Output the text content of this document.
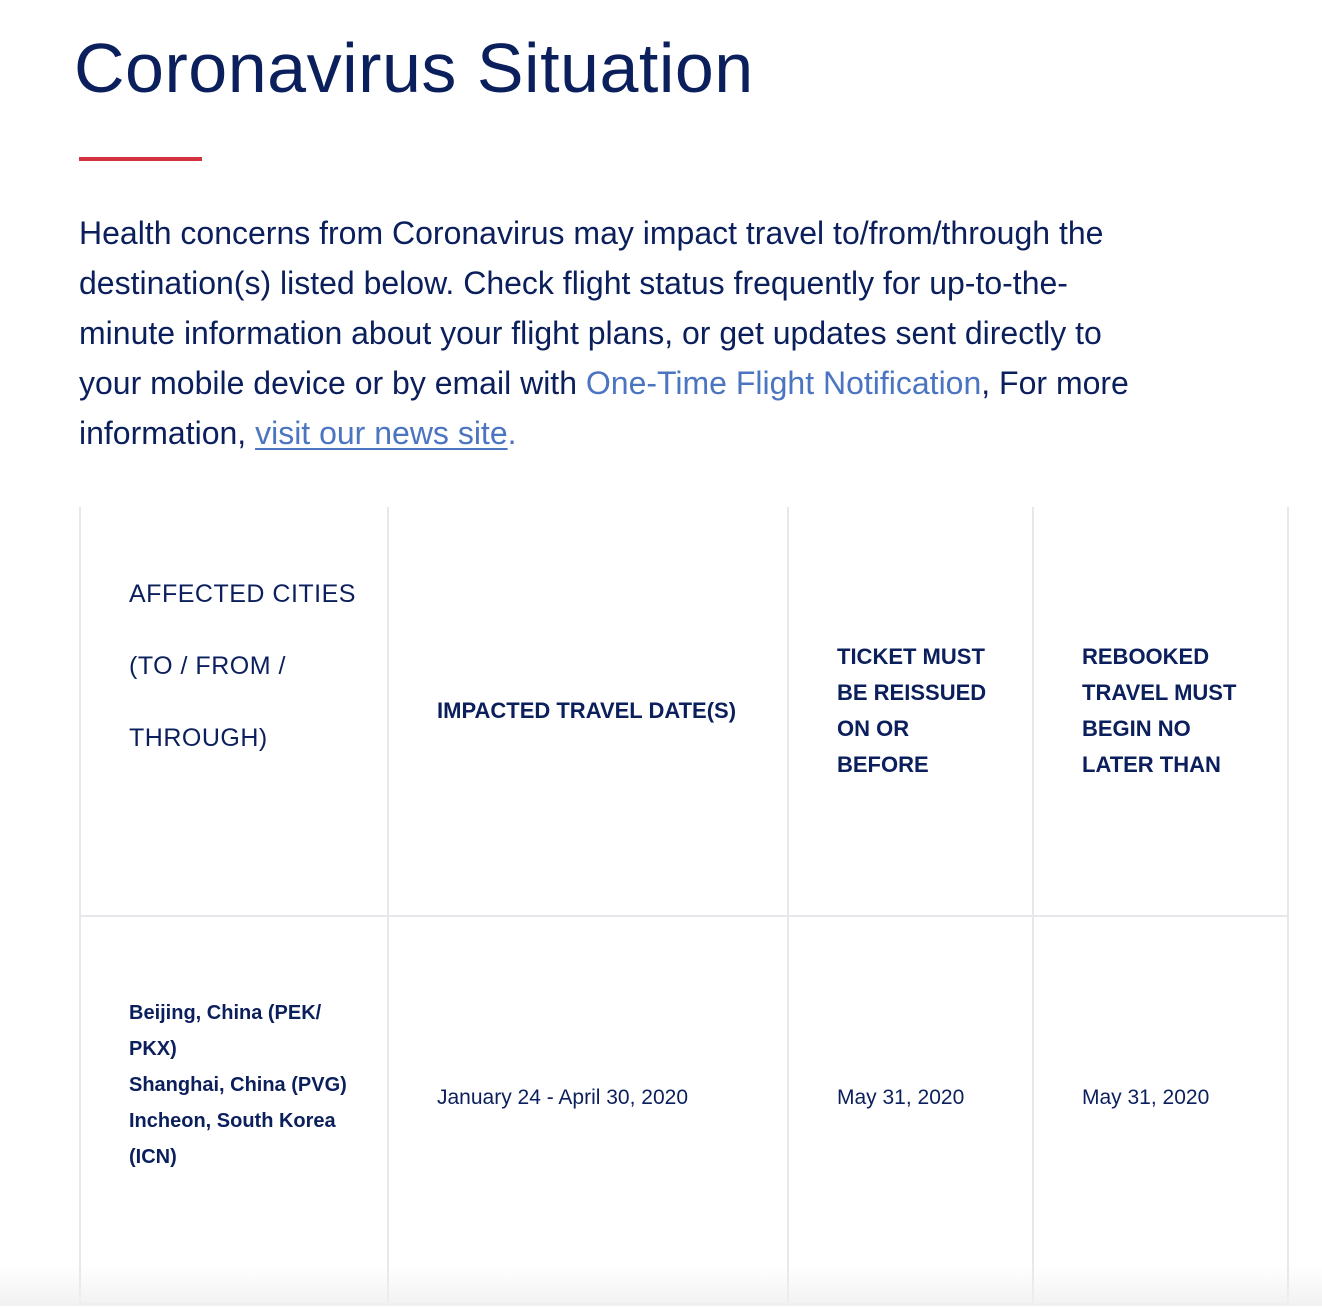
Coronavirus Situation

Health concerns from Coronavirus may impact travel to/from/through the destination(s) listed below. Check flight status frequently for up-to-the-minute information about your flight plans, or get updates sent directly to your mobile device or by email with One-Time Flight Notification, For more information, visit our news site.

AFFECTED CITIES
(TO / FROM /
THROUGH)	IMPACTED TRAVEL DATE(S)	TICKET MUST BE REISSUED ON OR BEFORE	REBOOKED TRAVEL MUST BEGIN NO LATER THAN

Beijing, China (PEK/ PKX)
Shanghai, China (PVG)
Incheon, South Korea (ICN)	January 24 - April 30, 2020	May 31, 2020	May 31, 2020
